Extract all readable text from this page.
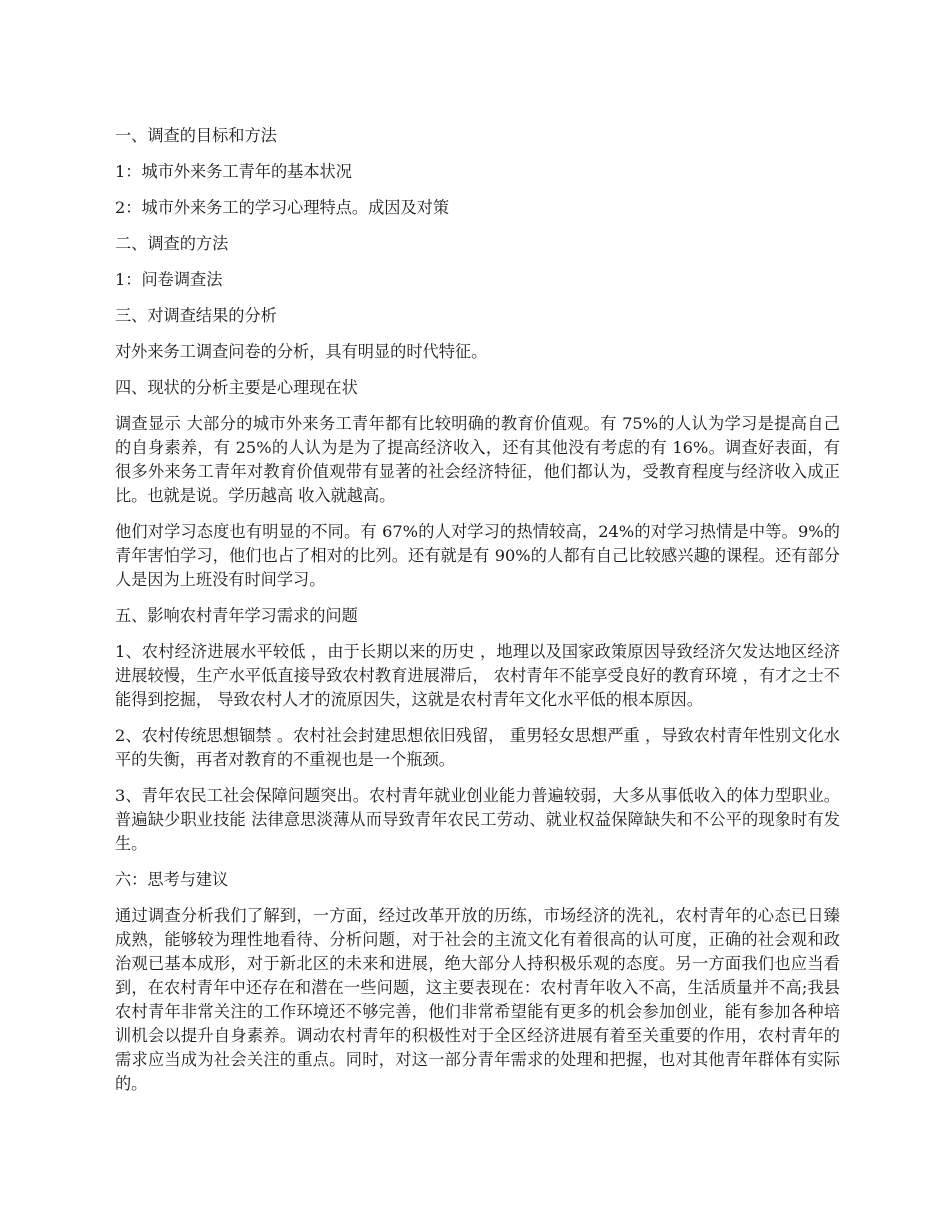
一、调查的目标和方法

1：城市外来务工青年的基本状况

2：城市外来务工的学习心理特点。成因及对策

二、调查的方法

1：问卷调查法

三、对调查结果的分析

对外来务工调查问卷的分析，具有明显的时代特征。

四、现状的分析主要是心理现在状

调查显示 大部分的城市外来务工青年都有比较明确的教育价值观。有 75%的人认为学习是提高自己的自身素养，有 25%的人认为是为了提高经济收入，还有其他没有考虑的有 16%。调查好表面，有很多外来务工青年对教育价值观带有显著的社会经济特征，他们都认为，受教育程度与经济收入成正比。也就是说。学历越高 收入就越高。

他们对学习态度也有明显的不同。有 67%的人对学习的热情较高，24%的对学习热情是中等。9%的青年害怕学习，他们也占了相对的比列。还有就是有 90%的人都有自己比较感兴趣的课程。还有部分人是因为上班没有时间学习。

五、影响农村青年学习需求的问题

1、农村经济进展水平较低 ，由于长期以来的历史 ，地理以及国家政策原因导致经济欠发达地区经济进展较慢，生产水平低直接导致农村教育进展滞后， 农村青年不能享受良好的教育环境 ，有才之士不能得到挖掘， 导致农村人才的流原因失，这就是农村青年文化水平低的根本原因。

2、农村传统思想锢禁 。农村社会封建思想依旧残留， 重男轻女思想严重 ，导致农村青年性别文化水平的失衡，再者对教育的不重视也是一个瓶颈。

3、青年农民工社会保障问题突出。农村青年就业创业能力普遍较弱，大多从事低收入的体力型职业。普遍缺少职业技能 法律意思淡薄从而导致青年农民工劳动、就业权益保障缺失和不公平的现象时有发生。

六：思考与建议

通过调查分析我们了解到，一方面，经过改革开放的历练，市场经济的洗礼，农村青年的心态已日臻成熟，能够较为理性地看待、分析问题，对于社会的主流文化有着很高的认可度，正确的社会观和政治观已基本成形，对于新北区的未来和进展，绝大部分人持积极乐观的态度。另一方面我们也应当看到，在农村青年中还存在和潜在一些问题，这主要表现在：农村青年收入不高，生活质量并不高;我县农村青年非常关注的工作环境还不够完善，他们非常希望能有更多的机会参加创业，能有参加各种培训机会以提升自身素养。调动农村青年的积极性对于全区经济进展有着至关重要的作用，农村青年的需求应当成为社会关注的重点。同时，对这一部分青年需求的处理和把握，也对其他青年群体有实际的。
